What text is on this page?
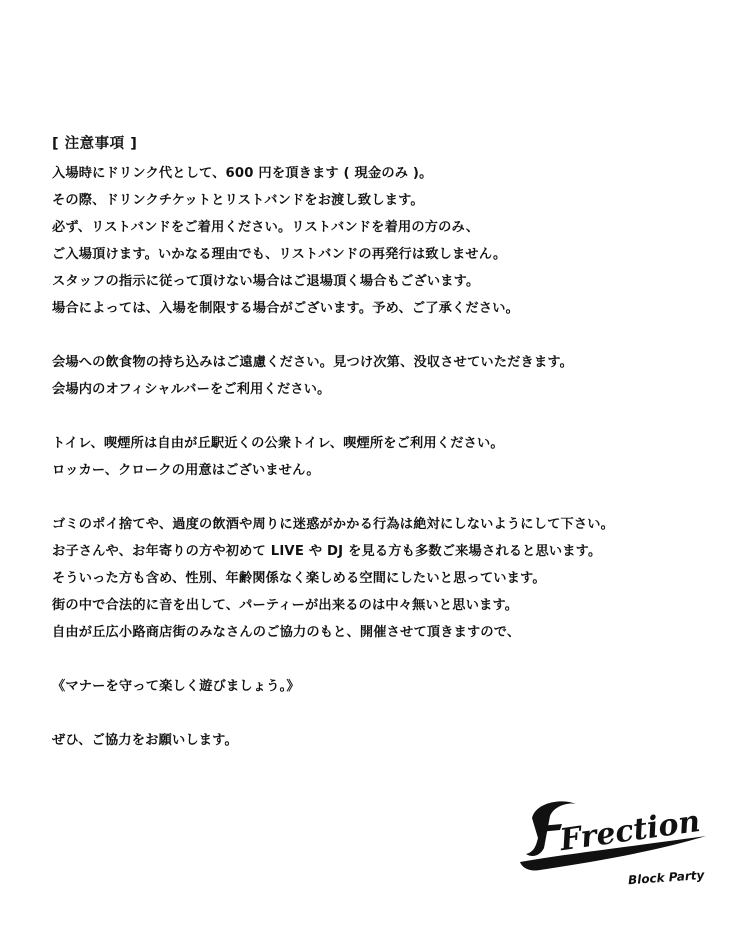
[ 注意事項 ]
入場時にドリンク代として、600 円を頂きます ( 現金のみ )。
その際、ドリンクチケットとリストバンドをお渡し致します。
必ず、リストバンドをご着用ください。リストバンドを着用の方のみ、
ご入場頂けます。いかなる理由でも、リストバンドの再発行は致しません。
スタッフの指示に従って頂けない場合はご退場頂く場合もございます。
場合によっては、入場を制限する場合がございます。予め、ご了承ください。
会場への飲食物の持ち込みはご遠慮ください。見つけ次第、没収させていただきます。
会場内のオフィシャルバーをご利用ください。
トイレ、喫煙所は自由が丘駅近くの公衆トイレ、喫煙所をご利用ください。
ロッカー、クロークの用意はございません。
ゴミのポイ捨てや、過度の飲酒や周りに迷惑がかかる行為は絶対にしないようにして下さい。
お子さんや、お年寄りの方や初めて LIVE や DJ を見る方も多数ご来場されると思います。
そういった方も含め、性別、年齢関係なく楽しめる空間にしたいと思っています。
街の中で合法的に音を出して、パーティーが出来るのは中々無いと思います。
自由が丘広小路商店街のみなさんのご協力のもと、開催させて頂きますので、
《マナーを守って楽しく遊びましょう。》
ぜひ、ご協力をお願いします。
Frection
Block Party
